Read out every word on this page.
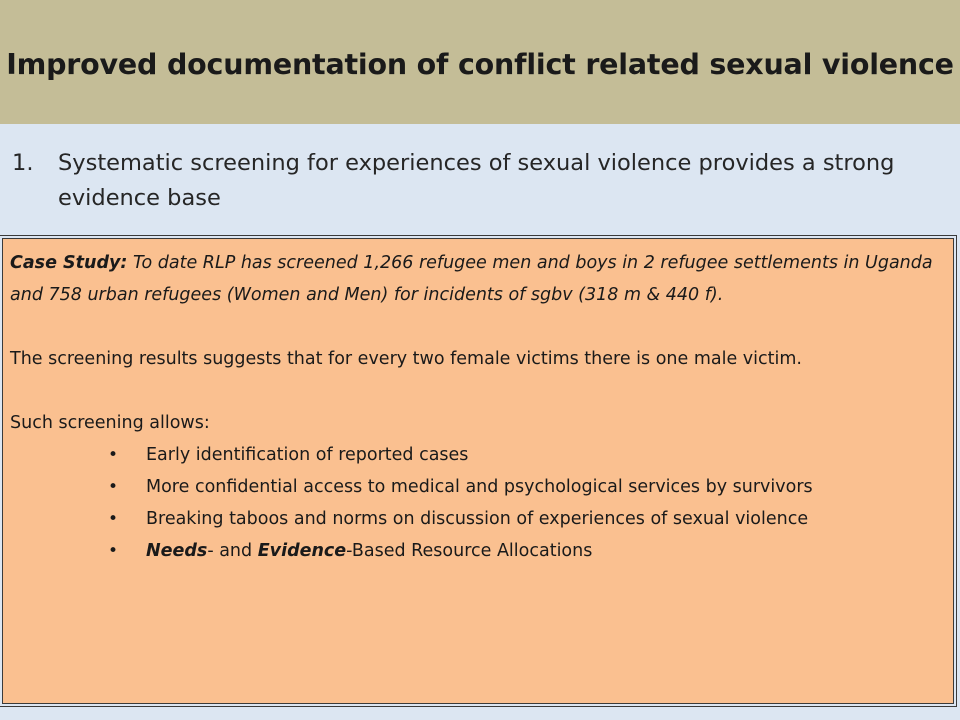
Improved documentation of conflict related sexual violence
1. Systematic screening for experiences of sexual violence provides a strong evidence base

Case Study: To date RLP has screened 1,266 refugee men and boys in 2 refugee settlements in Uganda and 758 urban refugees (Women and Men) for incidents of sgbv (318 m & 440 f).

The screening results suggests that for every two female victims there is one male victim.

Such screening allows:

• Early identification of reported cases
• More confidential access to medical and psychological services by survivors
• Breaking taboos and norms on discussion of experiences of sexual violence
• Needs- and Evidence-Based Resource Allocations
